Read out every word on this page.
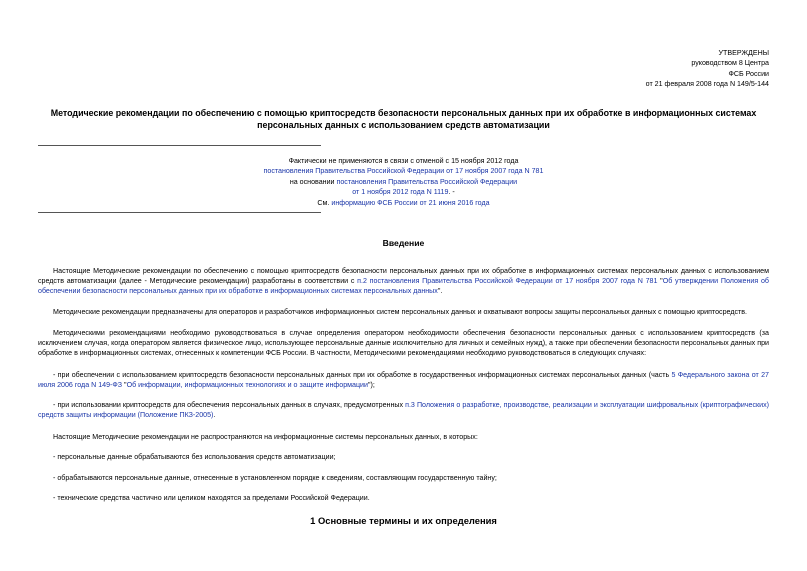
УТВЕРЖДЕНЫ
руководством 8 Центра
ФСБ России
от 21 февраля 2008 года N 149/5-144
Методические рекомендации по обеспечению с помощью криптосредств безопасности персональных данных при их обработке в информационных системах персональных данных с использованием средств автоматизации
Фактически не применяются в связи с отменой с 15 ноября 2012 года
постановления Правительства Российской Федерации от 17 ноября 2007 года N 781
на основании постановления Правительства Российской Федерации
от 1 ноября 2012 года N 1119. -
См. информацию ФСБ России от 21 июня 2016 года
Введение
Настоящие Методические рекомендации по обеспечению с помощью криптосредств безопасности персональных данных при их обработке в информационных системах персональных данных с использованием средств автоматизации (далее - Методические рекомендации) разработаны в соответствии с п.2 постановления Правительства Российской Федерации от 17 ноября 2007 года N 781 "Об утверждении Положения об обеспечении безопасности персональных данных при их обработке в информационных системах персональных данных".
Методические рекомендации предназначены для операторов и разработчиков информационных систем персональных данных и охватывают вопросы защиты персональных данных с помощью криптосредств.
Методическими рекомендациями необходимо руководствоваться в случае определения оператором необходимости обеспечения безопасности персональных данных с использованием криптосредств (за исключением случая, когда оператором является физическое лицо, использующее персональные данные исключительно для личных и семейных нужд), а также при обеспечении безопасности персональных данных при обработке в информационных системах, отнесенных к компетенции ФСБ России. В частности, Методическими рекомендациями необходимо руководствоваться в следующих случаях:
- при обеспечении с использованием криптосредств безопасности персональных данных при их обработке в государственных информационных системах персональных данных (часть 5 Федерального закона от 27 июля 2006 года N 149-ФЗ "Об информации, информационных технологиях и о защите информации");
- при использовании криптосредств для обеспечения персональных данных в случаях, предусмотренных п.3 Положения о разработке, производстве, реализации и эксплуатации шифровальных (криптографических) средств защиты информации (Положение ПКЗ-2005).
Настоящие Методические рекомендации не распространяются на информационные системы персональных данных, в которых:
- персональные данные обрабатываются без использования средств автоматизации;
- обрабатываются персональные данные, отнесенные в установленном порядке к сведениям, составляющим государственную тайну;
- технические средства частично или целиком находятся за пределами Российской Федерации.
1 Основные термины и их определения
